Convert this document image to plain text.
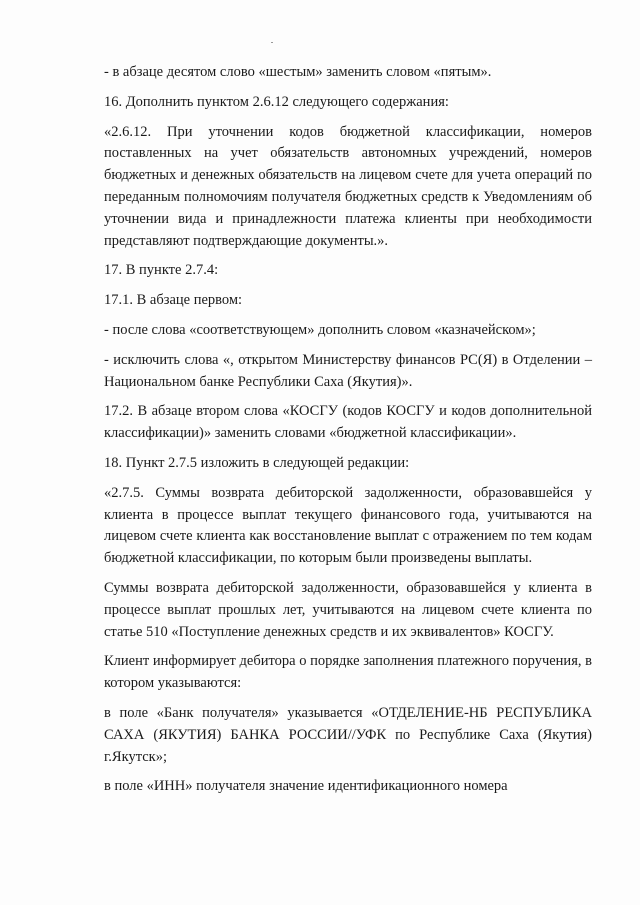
- в абзаце десятом слово «шестым» заменить словом «пятым».

16. Дополнить пунктом 2.6.12 следующего содержания:

«2.6.12. При уточнении кодов бюджетной классификации, номеров поставленных на учет обязательств автономных учреждений, номеров бюджетных и денежных обязательств на лицевом счете для учета операций по переданным полномочиям получателя бюджетных средств к Уведомлениям об уточнении вида и принадлежности платежа клиенты при необходимости представляют подтверждающие документы.».

17. В пункте 2.7.4:

17.1. В абзаце первом:

- после слова «соответствующем» дополнить словом «казначейском»;

- исключить слова «, открытом Министерству финансов РС(Я) в Отделении – Национальном банке Республики Саха (Якутия)».

17.2. В абзаце втором слова «КОСГУ (кодов КОСГУ и кодов дополнительной классификации)» заменить словами «бюджетной классификации».

18. Пункт 2.7.5 изложить в следующей редакции:

«2.7.5. Суммы возврата дебиторской задолженности, образовавшейся у клиента в процессе выплат текущего финансового года, учитываются на лицевом счете клиента как восстановление выплат с отражением по тем кодам бюджетной классификации, по которым были произведены выплаты.

Суммы возврата дебиторской задолженности, образовавшейся у клиента в процессе выплат прошлых лет, учитываются на лицевом счете клиента по статье 510 «Поступление денежных средств и их эквивалентов» КОСГУ.

Клиент информирует дебитора о порядке заполнения платежного поручения, в котором указываются:

в поле «Банк получателя» указывается «ОТДЕЛЕНИЕ-НБ РЕСПУБЛИКА САХА (ЯКУТИЯ) БАНКА РОССИИ//УФК по Республике Саха (Якутия) г.Якутск»;

в поле «ИНН» получателя значение идентификационного номера
